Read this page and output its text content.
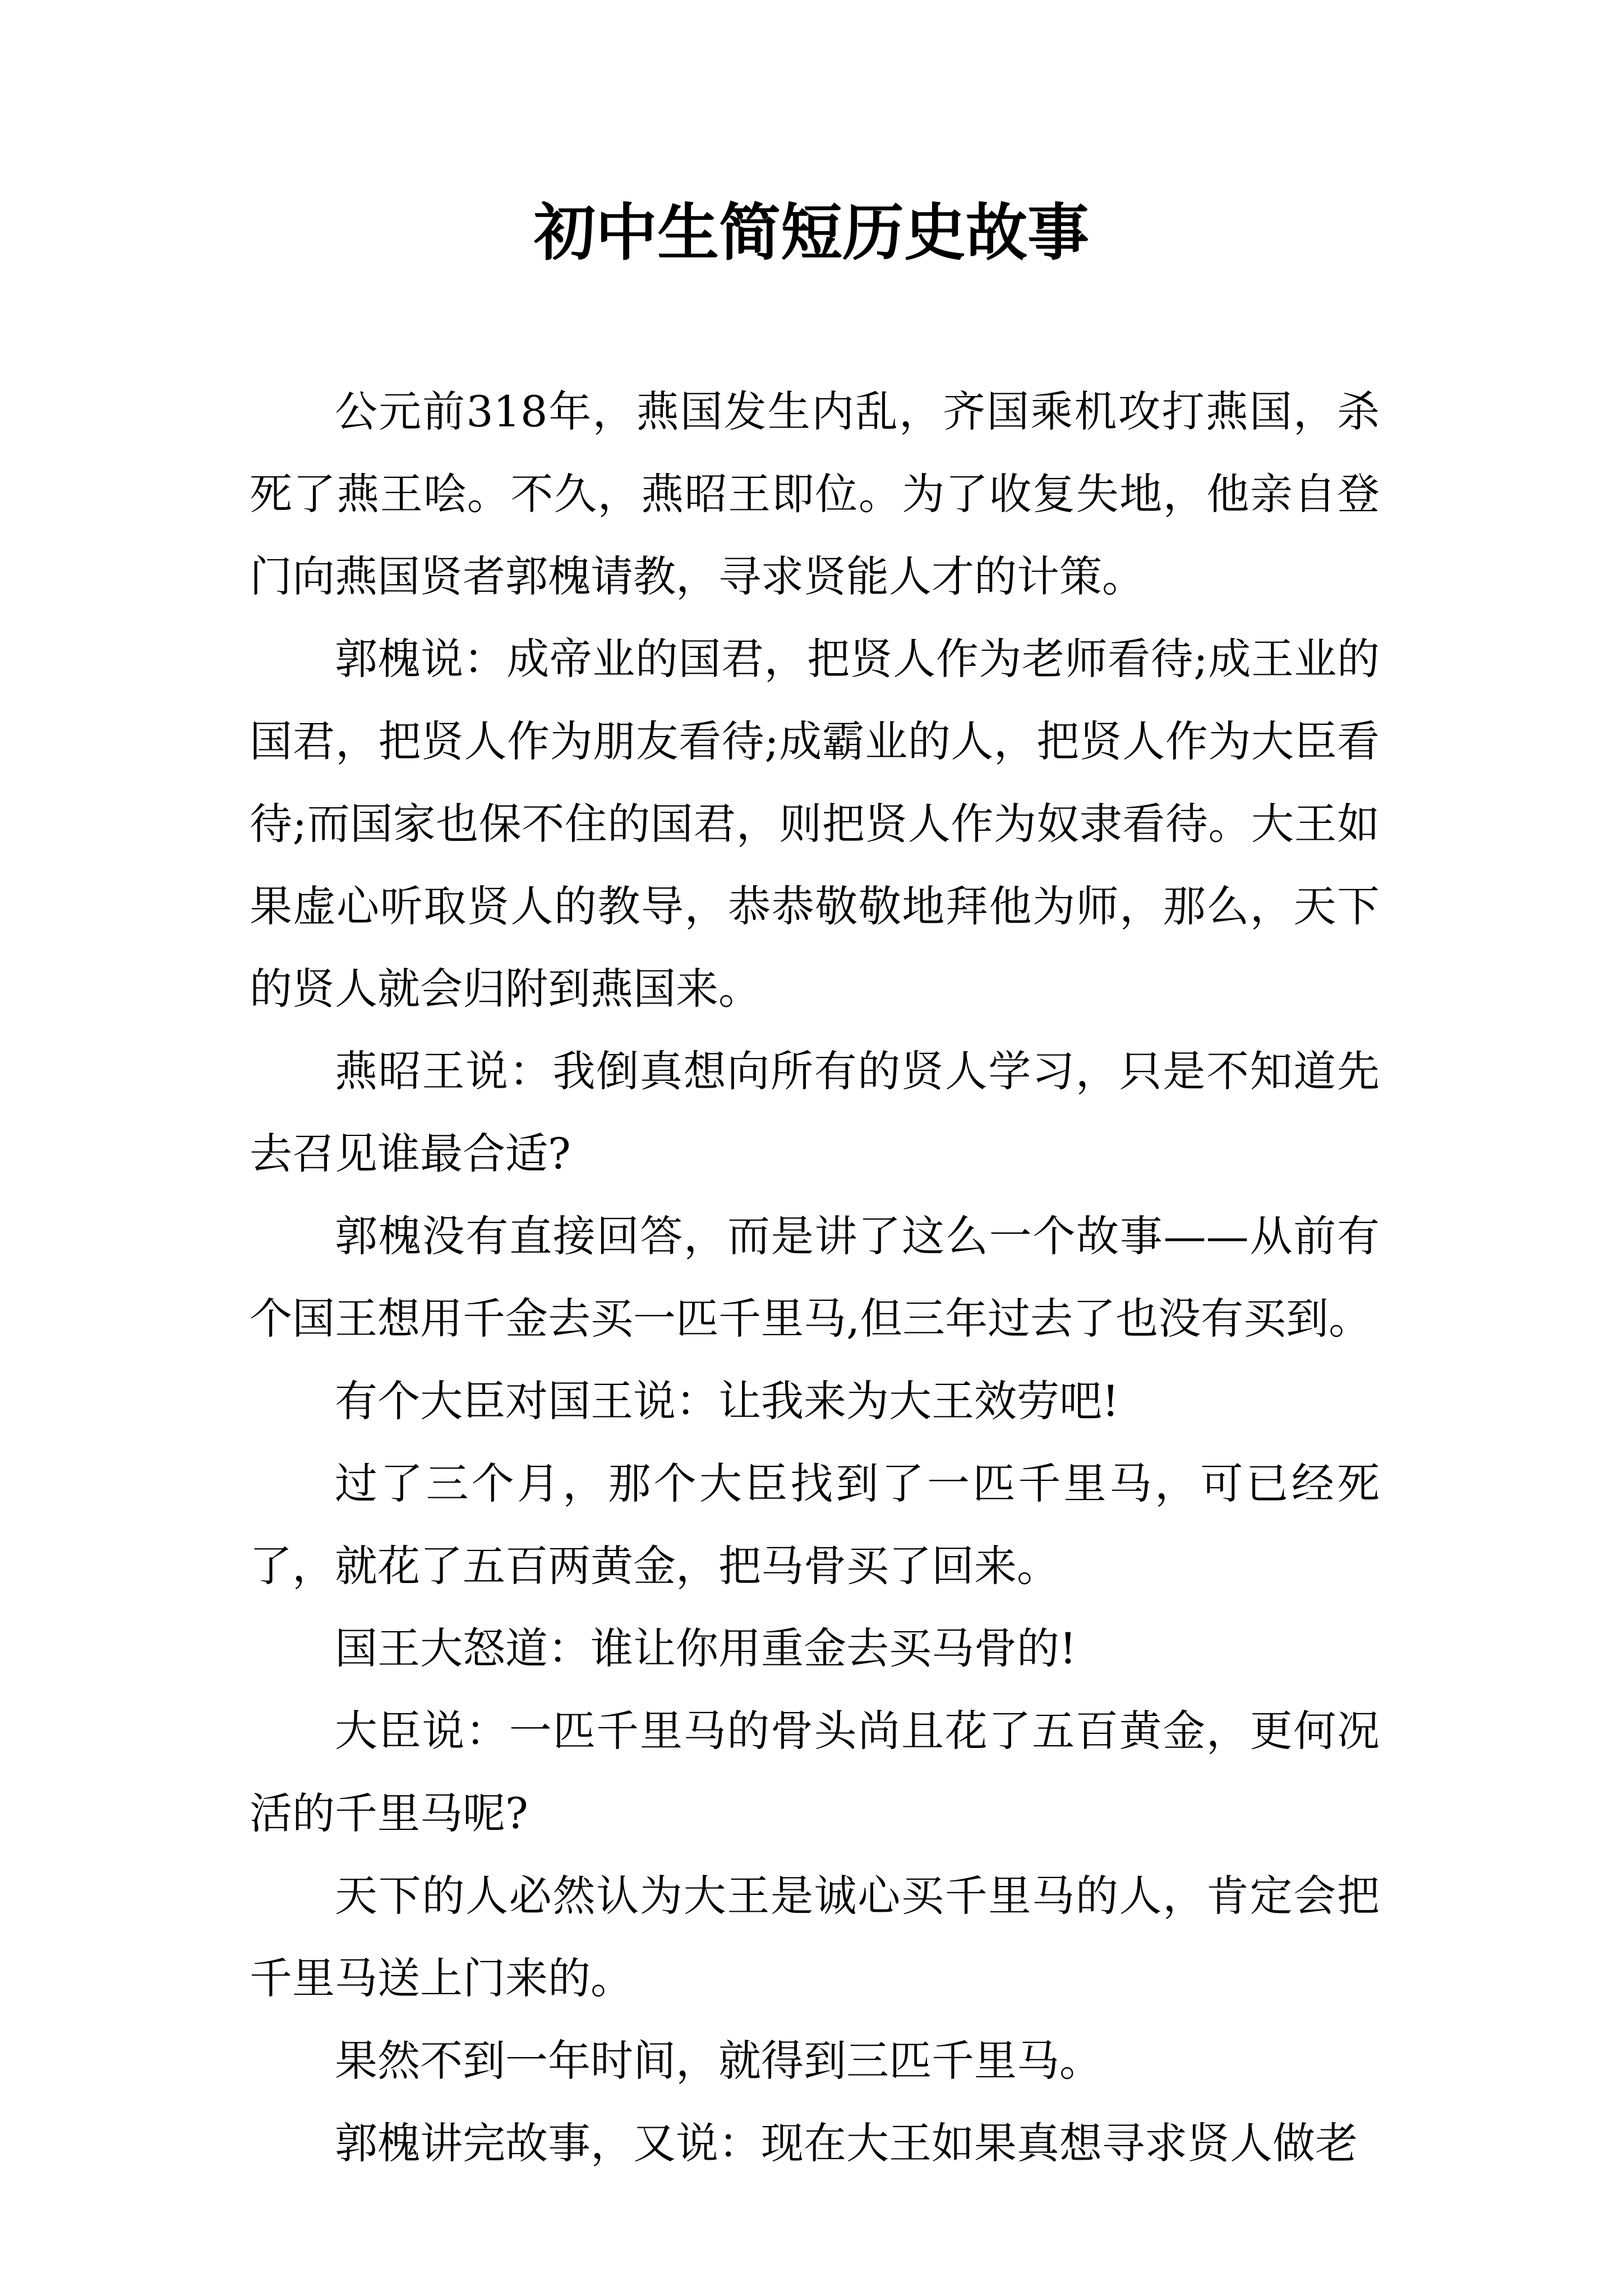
初中生简短历史故事

公元前318年，燕国发生内乱，齐国乘机攻打燕国，杀死了燕王哙。不久，燕昭王即位。为了收复失地，他亲自登门向燕国贤者郭槐请教，寻求贤能人才的计策。

郭槐说：成帝业的国君，把贤人作为老师看待;成王业的国君，把贤人作为朋友看待;成霸业的人，把贤人作为大臣看待;而国家也保不住的国君，则把贤人作为奴隶看待。大王如果虚心听取贤人的教导，恭恭敬敬地拜他为师，那么，天下的贤人就会归附到燕国来。

燕昭王说：我倒真想向所有的贤人学习，只是不知道先去召见谁最合适?

郭槐没有直接回答，而是讲了这么一个故事——从前有个国王想用千金去买一匹千里马,但三年过去了也没有买到。

有个大臣对国王说：让我来为大王效劳吧!

过了三个月，那个大臣找到了一匹千里马，可已经死了，就花了五百两黄金，把马骨买了回来。

国王大怒道：谁让你用重金去买马骨的!

大臣说：一匹千里马的骨头尚且花了五百黄金，更何况活的千里马呢?

天下的人必然认为大王是诚心买千里马的人，肯定会把千里马送上门来的。

果然不到一年时间，就得到三匹千里马。

郭槐讲完故事，又说：现在大王如果真想寻求贤人做老
